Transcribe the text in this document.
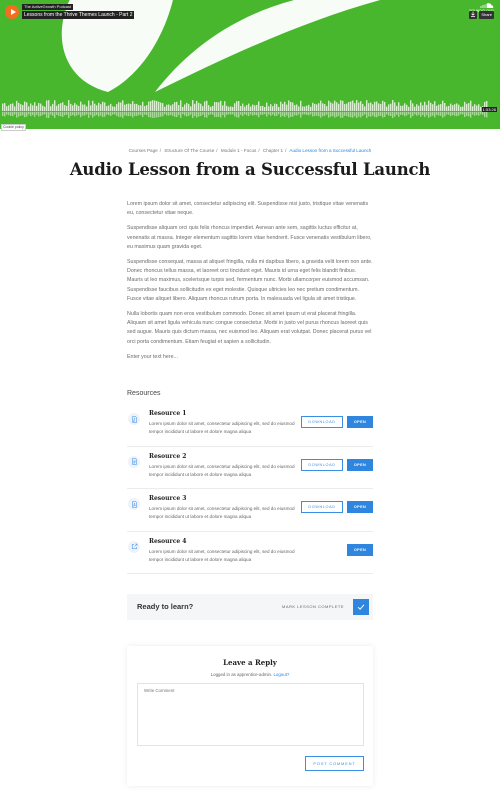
The ActiveGrowth Podcast
Lessons from the Thrive Themes Launch - Part 2	Share
1:53:26
Cookie policy
Courses Page / Structure Of The Course / Module 1 - Focus / Chapter 1 / Audio Lesson from a Successful Launch
Audio Lesson from a Successful Launch

Lorem ipsum dolor sit amet, consectetur adipiscing elit. Suspendisse nisi justo, tristique vitae venenatis eu, consectetur vitae neque.

Suspendisse aliquam orci quis felis rhoncus imperdiet. Aenean ante sem, sagittis luctus efficitur at, venenatis at massa. Integer elementum sagittis lorem vitae hendrerit. Fusce venenatis vestibulum libero, eu maximus quam gravida eget.

Suspendisse consequat, massa at aliquet fringilla, nulla mi dapibus libero, a gravida velit lorem non ante. Donec rhoncus tellus massa, et laoreet orci tincidunt eget. Mauris id urna eget felis blandit finibus. Mauris ut leo maximus, scelerisque turpis sed, fermentum nunc. Morbi ullamcorper euismod accumsan. Suspendisse faucibus sollicitudin ex eget molestie. Quisque ultricies leo nec pretium condimentum. Fusce vitae aliquet libero. Aliquam rhoncus rutrum porta. In malesuada vel ligula sit amet tristique.

Nulla lobortis quam non eros vestibulum commodo. Donec sit amet ipsum ut erat placerat fringilla. Aliquam sit amet ligula vehicula nunc congue consectetur. Morbi in justo vel purus rhoncus laoreet quis sed augue. Mauris quis dictum massa, nec euismod leo. Aliquam erat volutpat. Donec placerat purus vel orci porta condimentum. Etiam feugiat et sapien a sollicitudin.

Enter your text here...

Resources
Resource 1
Lorem ipsum dolor sit amet, consectetur adipiscing elit, sed do eiusmod tempor incididunt ut labore et dolore magna aliqua
DOWNLOAD	OPEN
Resource 2
Lorem ipsum dolor sit amet, consectetur adipiscing elit, sed do eiusmod tempor incididunt ut labore et dolore magna aliqua
DOWNLOAD	OPEN
Resource 3
Lorem ipsum dolor sit amet, consectetur adipiscing elit, sed do eiusmod tempor incididunt ut labore et dolore magna aliqua
DOWNLOAD	OPEN
Resource 4
Lorem ipsum dolor sit amet, consectetur adipiscing elit, sed do eiusmod tempor incididunt ut labore et dolore magna aliqua
OPEN
Ready to learn?	MARK LESSON COMPLETE
Leave a Reply
Logged in as apprentice-admin. Logout?
Write Comment
POST COMMENT
